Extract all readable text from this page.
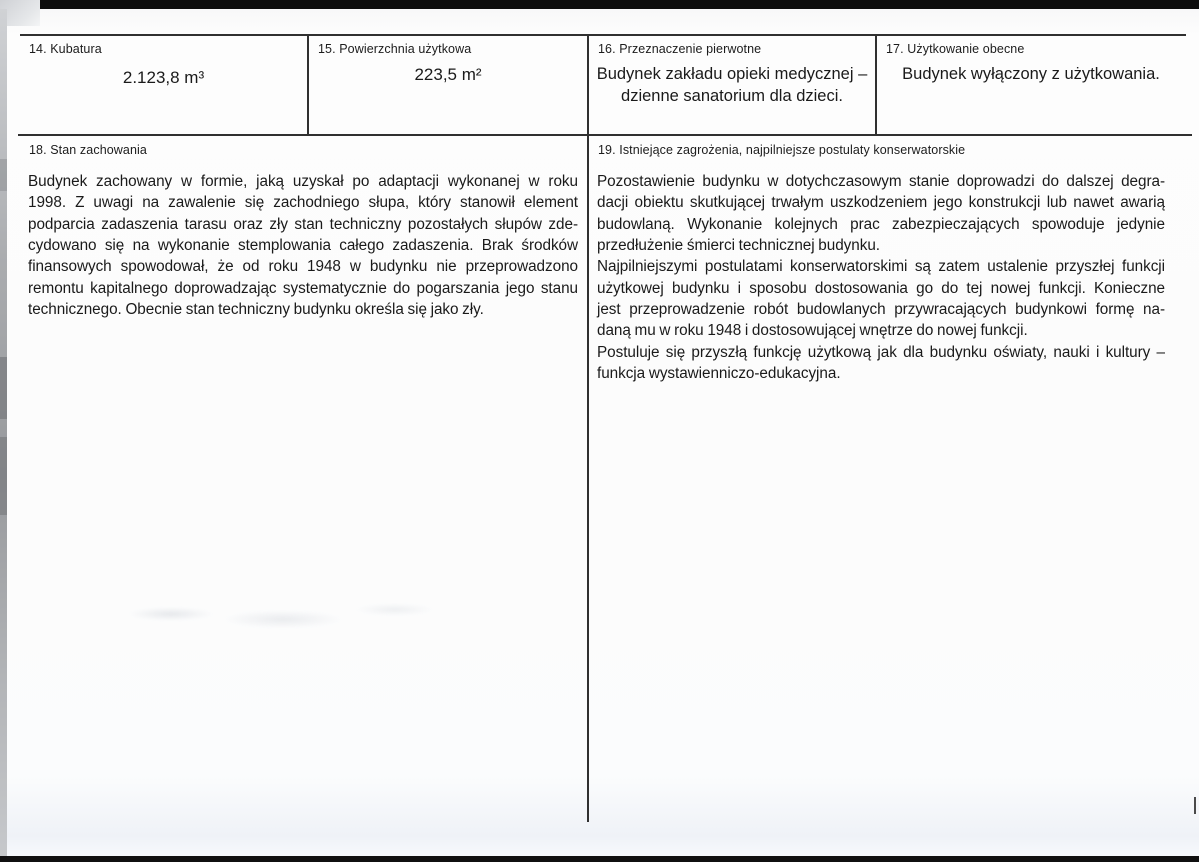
14. Kubatura
2.123,8 m³
15. Powierzchnia użytkowa
223,5 m²
16. Przeznaczenie pierwotne
Budynek zakładu opieki medycznej –
dzienne sanatorium dla dzieci.
17. Użytkowanie obecne
Budynek wyłączony z użytkowania.
18. Stan zachowania
Budynek zachowany w formie, jaką uzyskał po adaptacji wykonanej w roku
1998. Z uwagi na zawalenie się zachodniego słupa, który stanowił element
podparcia zadaszenia tarasu oraz zły stan techniczny pozostałych słupów zde-
cydowano się na wykonanie stemplowania całego zadaszenia. Brak środków
finansowych spowodował, że od roku 1948 w budynku nie przeprowadzono
remontu kapitalnego doprowadzając systematycznie do pogarszania jego stanu
technicznego. Obecnie stan techniczny budynku określa się jako zły.
19. Istniejące zagrożenia, najpilniejsze postulaty konserwatorskie
Pozostawienie budynku w dotychczasowym stanie doprowadzi do dalszej degra-
dacji obiektu skutkującej trwałym uszkodzeniem jego konstrukcji lub nawet awarią
budowlaną. Wykonanie kolejnych prac zabezpieczających spowoduje jedynie
przedłużenie śmierci technicznej budynku.
Najpilniejszymi postulatami konserwatorskimi są zatem ustalenie przyszłej funkcji
użytkowej budynku i sposobu dostosowania go do tej nowej funkcji. Konieczne
jest przeprowadzenie robót budowlanych przywracających budynkowi formę na-
daną mu w roku 1948 i dostosowującej wnętrze do nowej funkcji.
Postuluje się przyszłą funkcję użytkową jak dla budynku oświaty, nauki i kultury –
funkcja wystawienniczo-edukacyjna.
